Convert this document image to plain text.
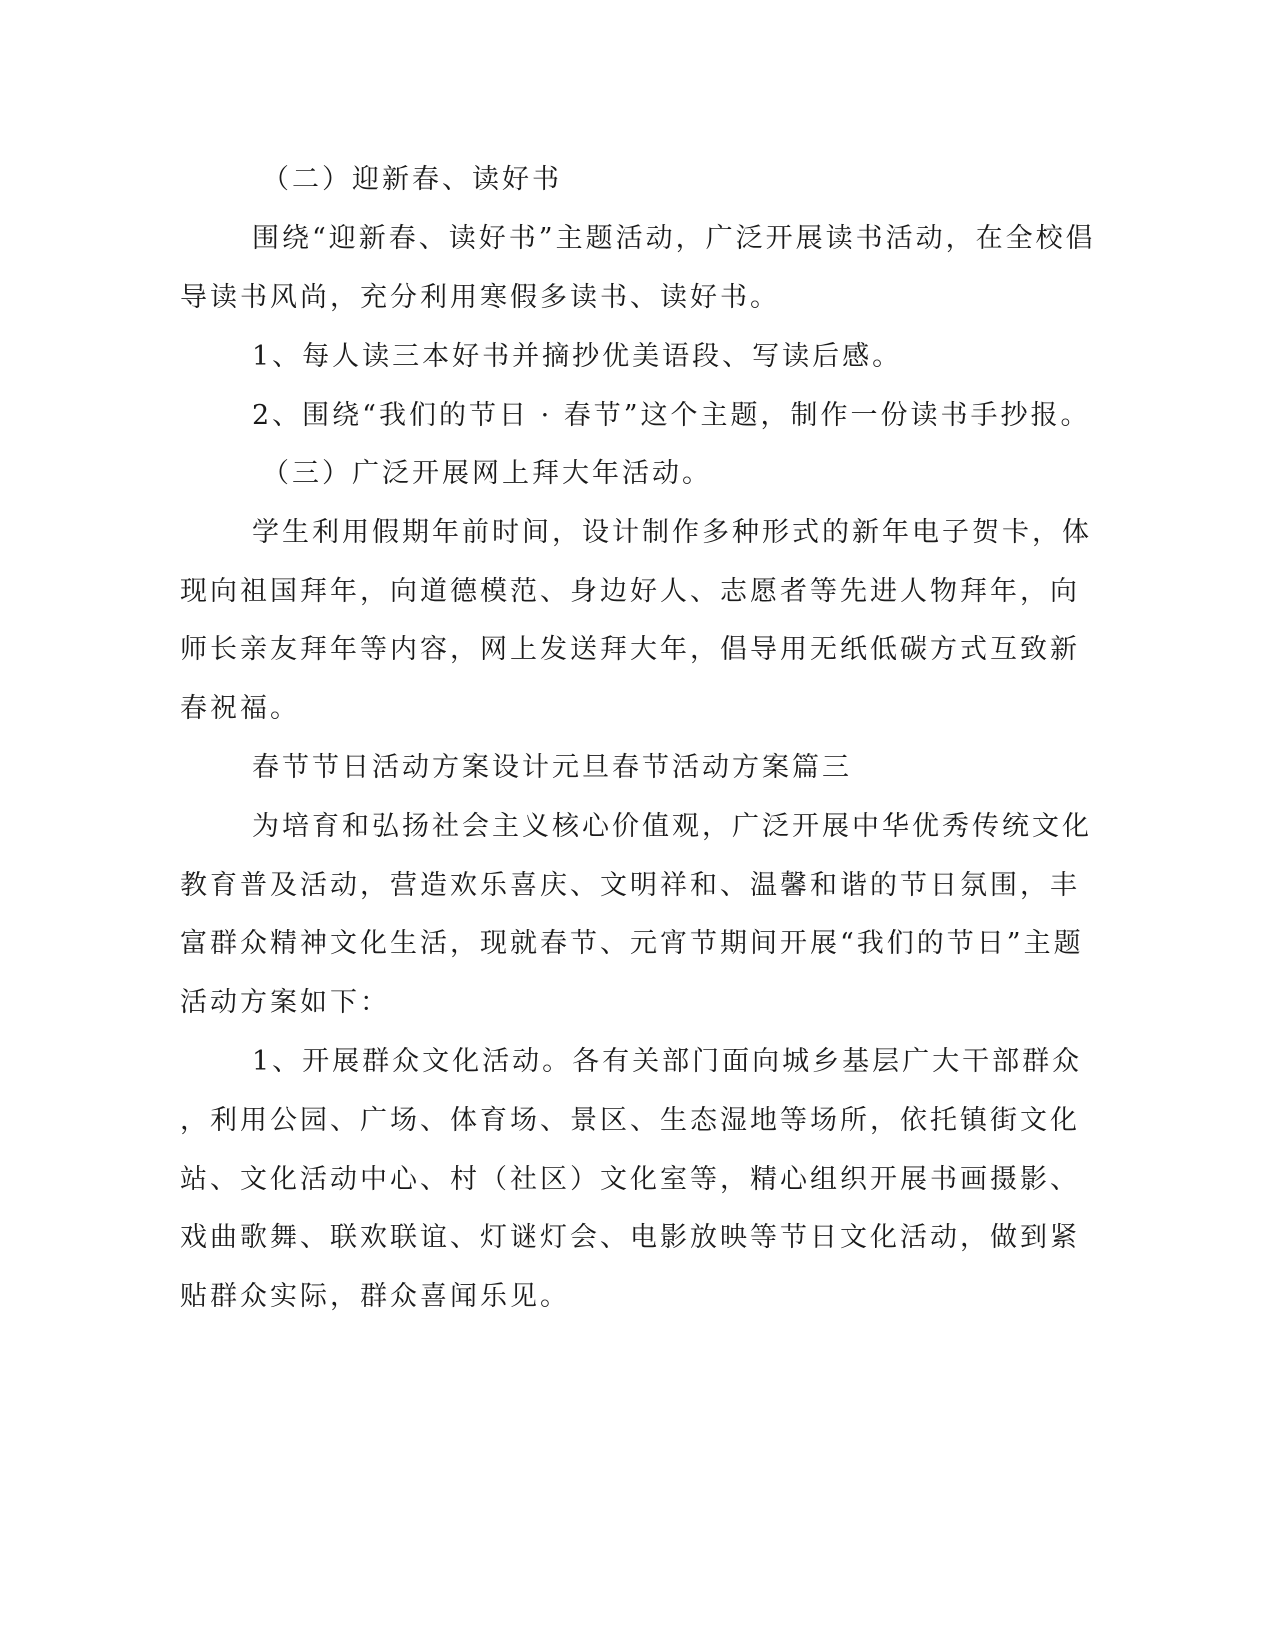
（二）迎新春、读好书

围绕“迎新春、读好书”主题活动，广泛开展读书活动，在全校倡

导读书风尚，充分利用寒假多读书、读好书。

1、每人读三本好书并摘抄优美语段、写读后感。

2、围绕“我们的节日 · 春节”这个主题，制作一份读书手抄报。

（三）广泛开展网上拜大年活动。

学生利用假期年前时间，设计制作多种形式的新年电子贺卡，体

现向祖国拜年，向道德模范、身边好人、志愿者等先进人物拜年，向

师长亲友拜年等内容，网上发送拜大年，倡导用无纸低碳方式互致新

春祝福。

春节节日活动方案设计元旦春节活动方案篇三

为培育和弘扬社会主义核心价值观，广泛开展中华优秀传统文化

教育普及活动，营造欢乐喜庆、文明祥和、温馨和谐的节日氛围，丰

富群众精神文化生活，现就春节、元宵节期间开展“我们的节日”主题

活动方案如下：

1、开展群众文化活动。各有关部门面向城乡基层广大干部群众

，利用公园、广场、体育场、景区、生态湿地等场所，依托镇街文化

站、文化活动中心、村（社区）文化室等，精心组织开展书画摄影、

戏曲歌舞、联欢联谊、灯谜灯会、电影放映等节日文化活动，做到紧

贴群众实际，群众喜闻乐见。
